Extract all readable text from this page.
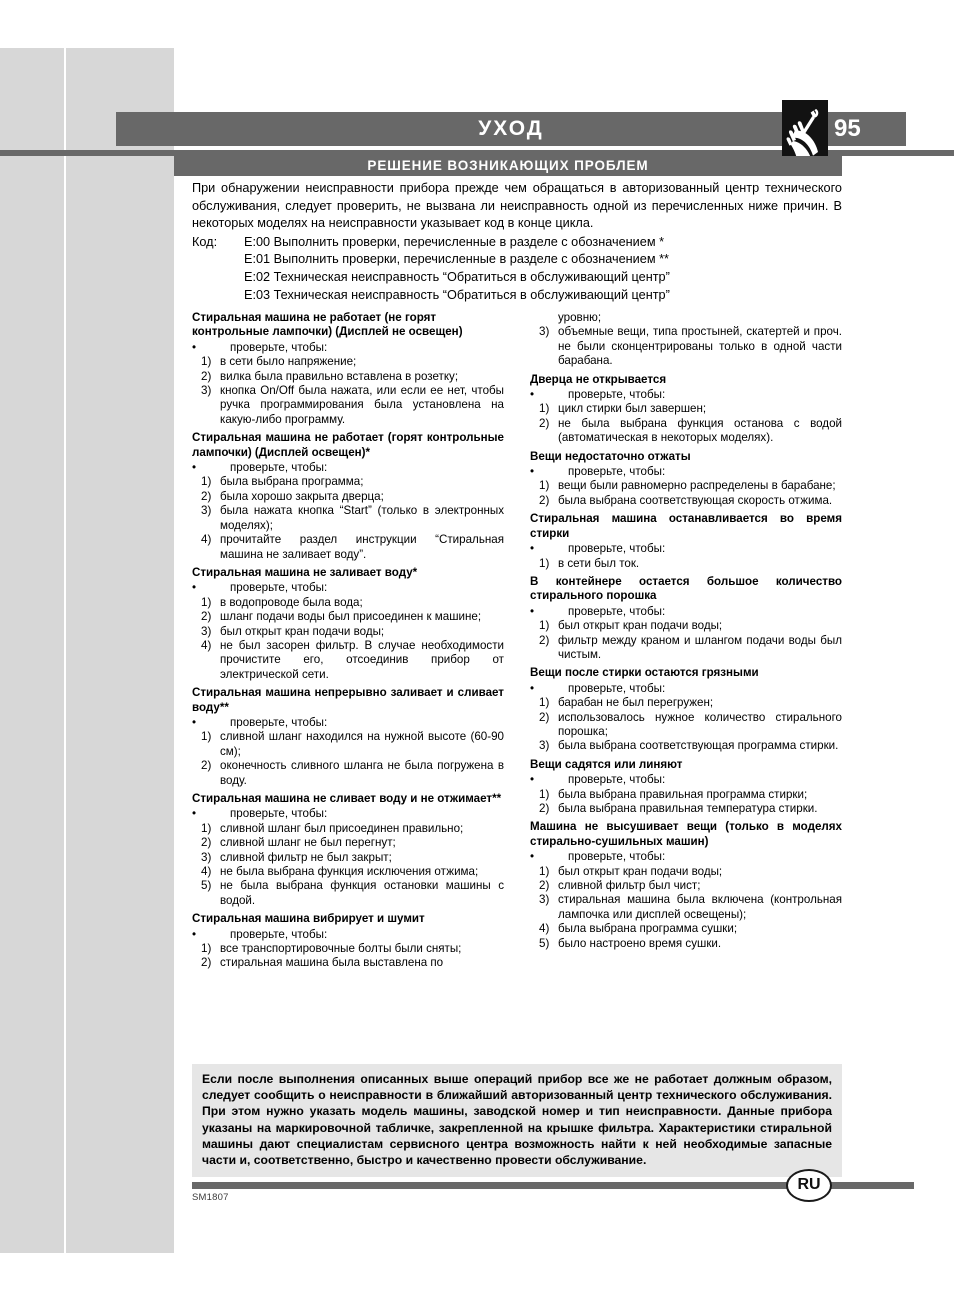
УХОД	95
РЕШЕНИЕ ВОЗНИКАЮЩИХ ПРОБЛЕМ

При обнаружении неисправности прибора прежде чем обращаться в авторизованный центр технического обслуживания, следует проверить, не вызвана ли неисправность одной из перечисленных ниже причин. В некоторых моделях на неисправности указывает код в конце цикла.

Код:	E:00 Выполнить проверки, перечисленные в разделе с обозначением *
E:01 Выполнить проверки, перечисленные в разделе с обозначением **
E:02 Техническая неисправность “Обратиться в обслуживающий центр”
E:03 Техническая неисправность “Обратиться в обслуживающий центр”
Стиральная машина не работает (не горят контрольные лампочки) (Дисплей не освещен)
•
проверьте, чтобы:
1) в сети было напряжение;
2) вилка была правильно вставлена в розетку;
3) кнопка On/Off была нажата, или если ее нет, чтобы ручка программирования была установлена на какую-либо программу.
Стиральная машина не работает (горят контрольные лампочки) (Дисплей освещен)*
•
проверьте, чтобы:
1) была выбрана программа;
2) была хорошо закрыта дверца;
3) была нажата кнопка “Start” (только в электронных моделях);
4) прочитайте раздел инструкции “Стиральная машина не заливает воду”.
Стиральная машина не заливает воду*
•
проверьте, чтобы:
1) в водопроводе была вода;
2) шланг подачи воды был присоединен к машине;
3) был открыт кран подачи воды;
4) не был засорен фильтр. В случае необходимости прочистите его, отсоединив прибор от электрической сети.
Стиральная машина непрерывно заливает и сливает воду**
•
проверьте, чтобы:
1) сливной шланг находился на нужной высоте (60-90 см);
2) оконечность сливного шланга не была погружена в воду.
Стиральная машина не сливает воду и не отжимает**
•
проверьте, чтобы:
1) сливной шланг был присоединен правильно;
2) сливной шланг не был перегнут;
3) сливной фильтр не был закрыт;
4) не была выбрана функция исключения отжима;
5) не была выбрана функция остановки машины с водой.
Стиральная машина вибрирует и шумит
•
проверьте, чтобы:
1) все транспортировочные болты были сняты;
2) стиральная машина была выставлена по
уровню;
3) объемные вещи, типа простыней, скатертей и проч. не были сконцентрированы только в одной части барабана.
Дверца не открывается
•
проверьте, чтобы:
1) цикл стирки был завершен;
2) не была выбрана функция останова с водой (автоматическая в некоторых моделях).
Вещи недостаточно отжаты
•
проверьте, чтобы:
1) вещи были равномерно распределены в барабане;
2) была выбрана соответствующая скорость отжима.
Стиральная машина останавливается во время стирки
•
проверьте, чтобы:
1) в сети был ток.
В контейнере остается большое количество стирального порошка
•
проверьте, чтобы:
1) был открыт кран подачи воды;
2) фильтр между краном и шлангом подачи воды был чистым.
Вещи после стирки остаются грязными
•
проверьте, чтобы:
1) барабан не был перегружен;
2) использовалось нужное количество стирального порошка;
3) была выбрана соответствующая программа стирки.
Вещи садятся или линяют
•
проверьте, чтобы:
1) была выбрана правильная программа стирки;
2) была выбрана правильная температура стирки.
Машина не высушивает вещи (только в моделях стирально-сушильных машин)
•
проверьте, чтобы:
1) был открыт кран подачи воды;
2) сливной фильтр был чист;
3) стиральная машина была включена (контрольная лампочка или дисплей освещены);
4) была выбрана программа сушки;
5) было настроено время сушки.

Если после выполнения описанных выше операций прибор все же не работает должным образом, следует сообщить о неисправности в ближайший авторизованный центр технического обслуживания. При этом нужно указать модель машины, заводской номер и тип неисправности. Данные прибора указаны на маркировочной табличке, закрепленной на крышке фильтра. Характеристики стиральной машины дают специалистам сервисного центра возможность найти к ней необходимые запасные части и, соответственно, быстро и качественно провести обслуживание.

RU
SM1807
